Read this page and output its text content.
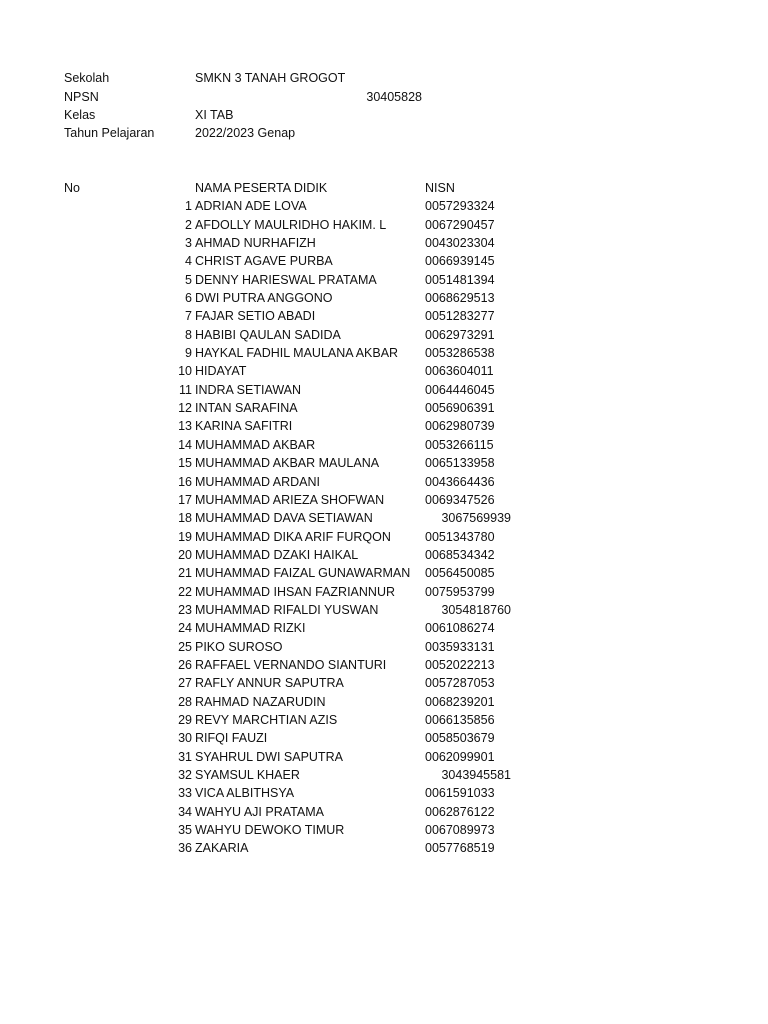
Sekolah	SMKN 3 TANAH GROGOT
NPSN	30405828
Kelas	XI TAB
Tahun Pelajaran	2022/2023 Genap
No	NAMA PESERTA DIDIK	NISN
1 ADRIAN ADE LOVA	0057293324
2 AFDOLLY MAULRIDHO HAKIM. L	0067290457
3 AHMAD NURHAFIZH	0043023304
4 CHRIST AGAVE PURBA	0066939145
5 DENNY HARIESWAL PRATAMA	0051481394
6 DWI PUTRA ANGGONO	0068629513
7 FAJAR SETIO ABADI	0051283277
8 HABIBI QAULAN SADIDA	0062973291
9 HAYKAL FADHIL MAULANA AKBAR 0053286538
10 HIDAYAT	0063604011
11 INDRA SETIAWAN	0064446045
12 INTAN SARAFINA	0056906391
13 KARINA SAFITRI	0062980739
14 MUHAMMAD AKBAR	0053266115
15 MUHAMMAD AKBAR MAULANA	0065133958
16 MUHAMMAD ARDANI	0043664436
17 MUHAMMAD ARIEZA SHOFWAN	0069347526
18 MUHAMMAD DAVA SETIAWAN	3067569939
19 MUHAMMAD DIKA ARIF FURQON	0051343780
20 MUHAMMAD DZAKI HAIKAL	0068534342
21 MUHAMMAD FAIZAL GUNAWARMAN 0056450085
22 MUHAMMAD IHSAN FAZRIANNUR 0075953799
23 MUHAMMAD RIFALDI YUSWAN	3054818760
24 MUHAMMAD RIZKI	0061086274
25 PIKO SUROSO	0035933131
26 RAFFAEL VERNANDO SIANTURI	0052022213
27 RAFLY ANNUR SAPUTRA	0057287053
28 RAHMAD NAZARUDIN	0068239201
29 REVY MARCHTIAN AZIS	0066135856
30 RIFQI FAUZI	0058503679
31 SYAHRUL DWI SAPUTRA	0062099901
32 SYAMSUL KHAER	3043945581
33 VICA ALBITHSYA	0061591033
34 WAHYU AJI PRATAMA	0062876122
35 WAHYU DEWOKO TIMUR	0067089973
36 ZAKARIA	0057768519
